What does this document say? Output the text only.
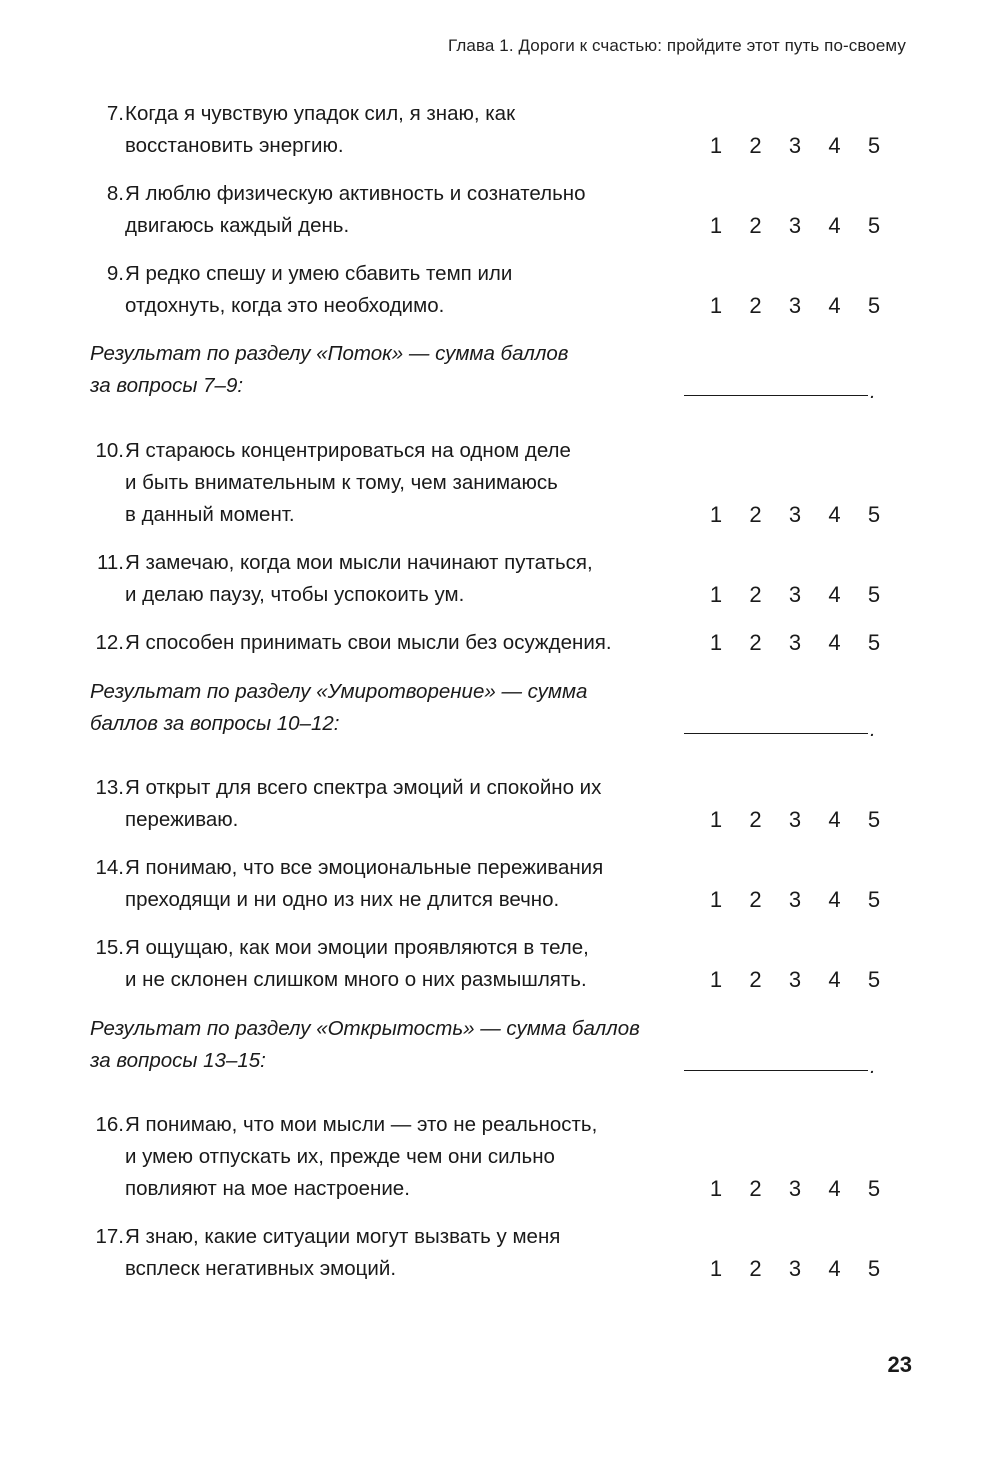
Глава 1. Дороги к счастью: пройдите этот путь по-своему
7. Когда я чувствую упадок сил, я знаю, как
восстановить энергию.	1 2 3 4 5
8. Я люблю физическую активность и сознательно
двигаюсь каждый день.	1 2 3 4 5
9. Я редко спешу и умею сбавить темп или
отдохнуть, когда это необходимо.	1 2 3 4 5
Результат по разделу «Поток» — сумма баллов
за вопросы 7–9:	.
10. Я стараюсь концентрироваться на одном деле
и быть внимательным к тому, чем занимаюсь
в данный момент.	1 2 3 4 5
11. Я замечаю, когда мои мысли начинают путаться,
и делаю паузу, чтобы успокоить ум.	1 2 3 4 5
12. Я способен принимать свои мысли без осуждения.	1 2 3 4 5
Результат по разделу «Умиротворение» — сумма
баллов за вопросы 10–12:	.
13. Я открыт для всего спектра эмоций и спокойно их
переживаю.	1 2 3 4 5
14. Я понимаю, что все эмоциональные переживания
преходящи и ни одно из них не длится вечно.	1 2 3 4 5
15. Я ощущаю, как мои эмоции проявляются в теле,
и не склонен слишком много о них размышлять.	1 2 3 4 5
Результат по разделу «Открытость» — сумма баллов
за вопросы 13–15:	.
16. Я понимаю, что мои мысли — это не реальность,
и умею отпускать их, прежде чем они сильно
повлияют на мое настроение.	1 2 3 4 5
17. Я знаю, какие ситуации могут вызвать у меня
всплеск негативных эмоций.	1 2 3 4 5
23
